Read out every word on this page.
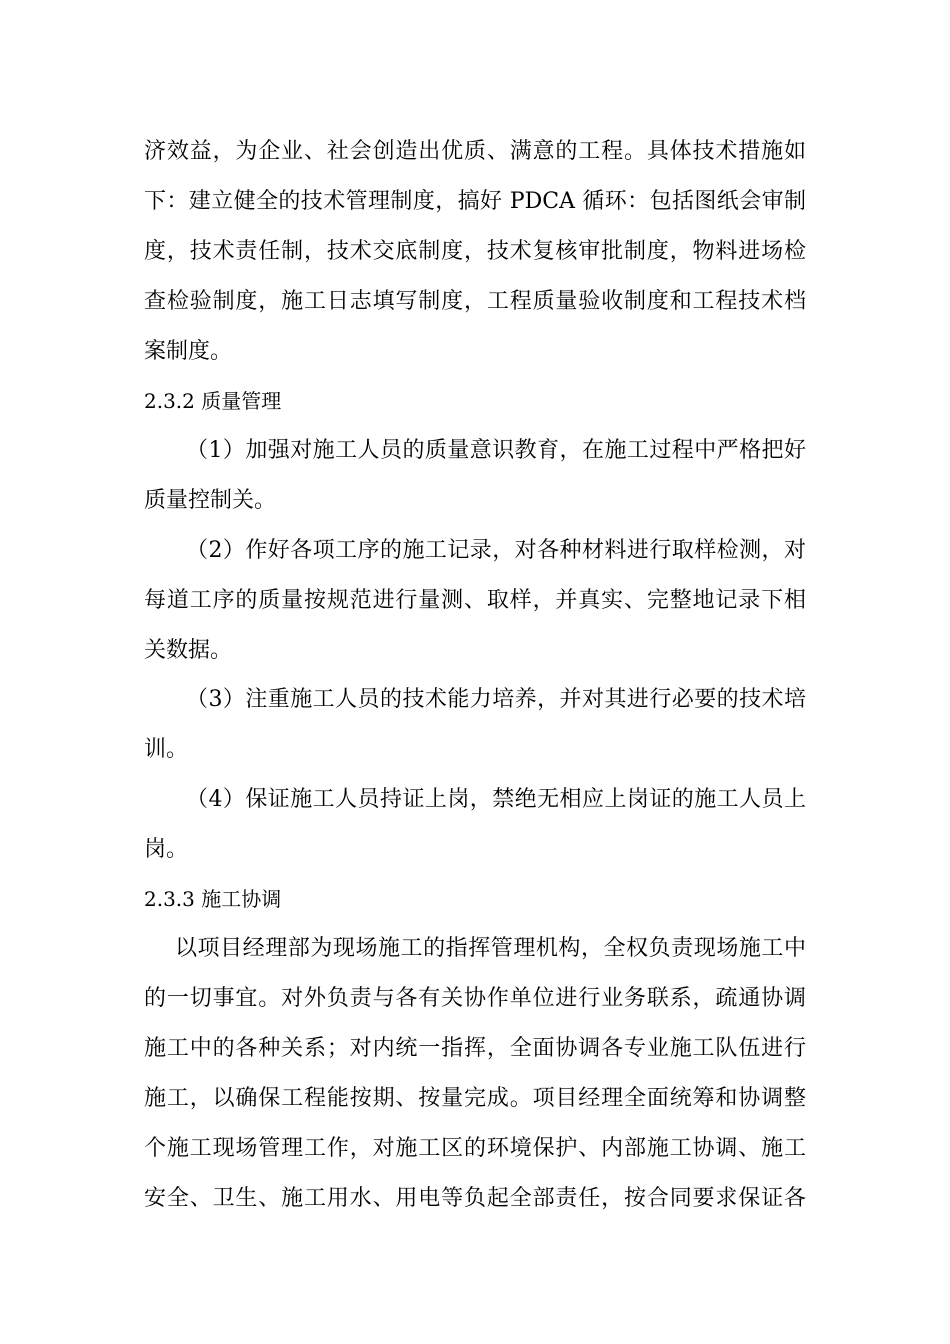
济效益，为企业、社会创造出优质、满意的工程。具体技术措施如

下：建立健全的技术管理制度，搞好 PDCA 循环：包括图纸会审制

度，技术责任制，技术交底制度，技术复核审批制度，物料进场检

查检验制度，施工日志填写制度，工程质量验收制度和工程技术档

案制度。

2.3.2 质量管理

（1）加强对施工人员的质量意识教育，在施工过程中严格把好

质量控制关。

（2）作好各项工序的施工记录，对各种材料进行取样检测，对

每道工序的质量按规范进行量测、取样，并真实、完整地记录下相

关数据。

（3）注重施工人员的技术能力培养，并对其进行必要的技术培

训。

（4）保证施工人员持证上岗，禁绝无相应上岗证的施工人员上

岗。

2.3.3 施工协调

以项目经理部为现场施工的指挥管理机构，全权负责现场施工中

的一切事宜。对外负责与各有关协作单位进行业务联系，疏通协调

施工中的各种关系；对内统一指挥，全面协调各专业施工队伍进行

施工，以确保工程能按期、按量完成。项目经理全面统筹和协调整

个施工现场管理工作，对施工区的环境保护、内部施工协调、施工

安全、卫生、施工用水、用电等负起全部责任，按合同要求保证各
